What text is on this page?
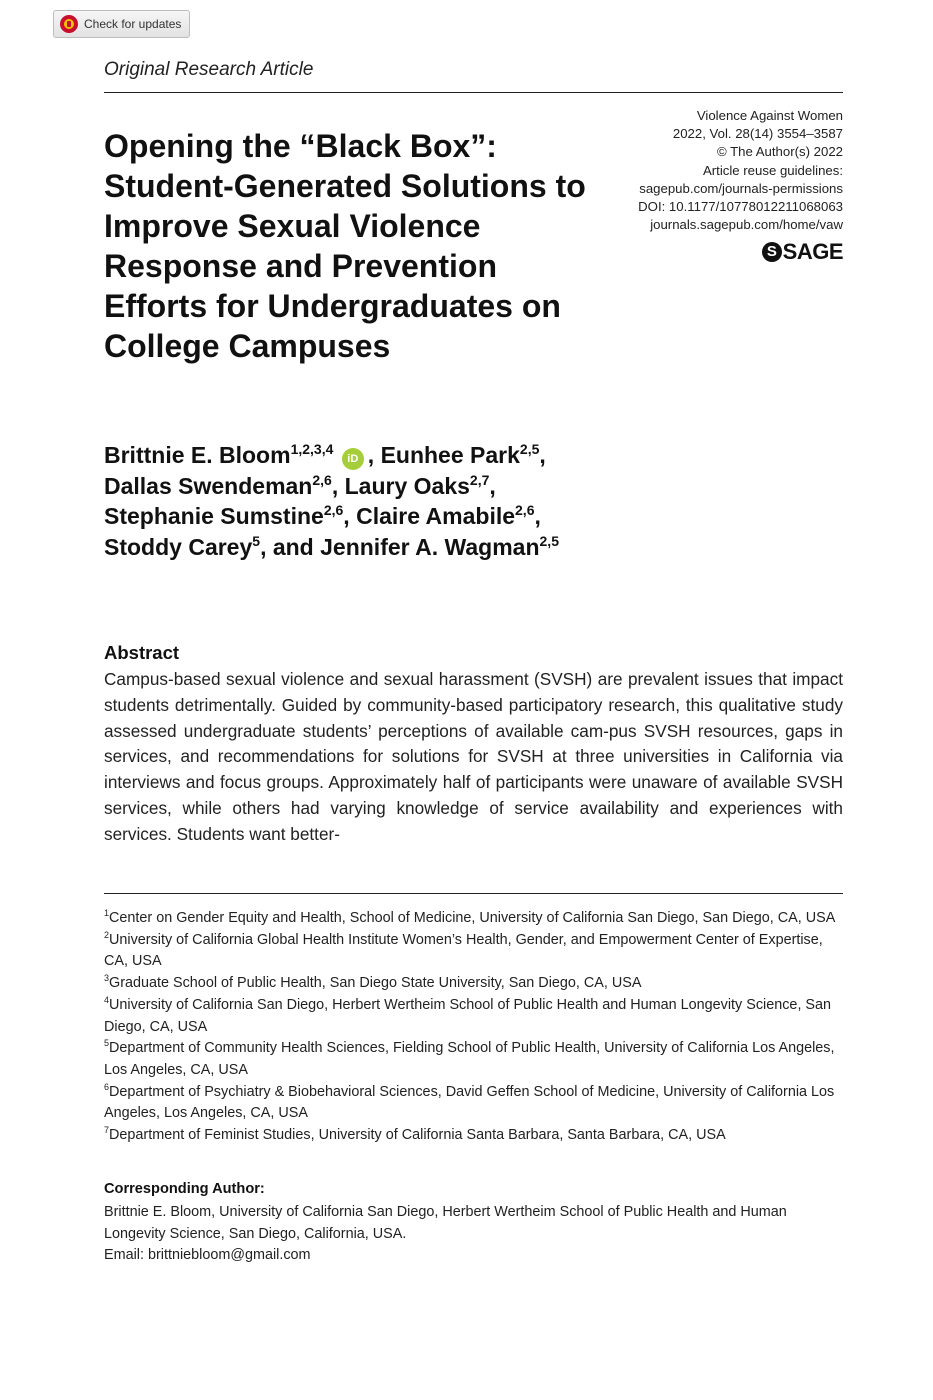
Check for updates
Original Research Article
Opening the “Black Box”: Student-Generated Solutions to Improve Sexual Violence Response and Prevention Efforts for Undergraduates on College Campuses
Violence Against Women
2022, Vol. 28(14) 3554–3587
© The Author(s) 2022
Article reuse guidelines:
sagepub.com/journals-permissions
DOI: 10.1177/10778012211068063
journals.sagepub.com/home/vaw
S SAGE

Brittnie E. Bloom$^{1,2,3,4}$ iD , Eunhee Park$^{2,5}$,
Dallas Swendeman$^{2,6}$, Laury Oaks$^{2,7}$,
Stephanie Sumstine$^{2,6}$, Claire Amabile$^{2,6}$,
Stoddy Carey$^5$, and Jennifer A. Wagman$^{2,5}$

Abstract

Campus-based sexual violence and sexual harassment (SVSH) are prevalent issues that impact students detrimentally. Guided by community-based participatory research, this qualitative study assessed undergraduate students’ perceptions of available cam-pus SVSH resources, gaps in services, and recommendations for solutions for SVSH at three universities in California via interviews and focus groups. Approximately half of participants were unaware of available SVSH services, while others had varying knowledge of service availability and experiences with services. Students want better-

$^1$Center on Gender Equity and Health, School of Medicine, University of California San Diego, San Diego, CA, USA
$^2$University of California Global Health Institute Women’s Health, Gender, and Empowerment Center of Expertise, CA, USA
$^3$Graduate School of Public Health, San Diego State University, San Diego, CA, USA
$^4$University of California San Diego, Herbert Wertheim School of Public Health and Human Longevity Science, San Diego, CA, USA
$^5$Department of Community Health Sciences, Fielding School of Public Health, University of California Los Angeles, Los Angeles, CA, USA
$^6$Department of Psychiatry & Biobehavioral Sciences, David Geffen School of Medicine, University of California Los Angeles, Los Angeles, CA, USA
$^7$Department of Feminist Studies, University of California Santa Barbara, Santa Barbara, CA, USA
Corresponding Author:
Brittnie E. Bloom, University of California San Diego, Herbert Wertheim School of Public Health and Human Longevity Science, San Diego, California, USA.
Email: brittniebloom@gmail.com
